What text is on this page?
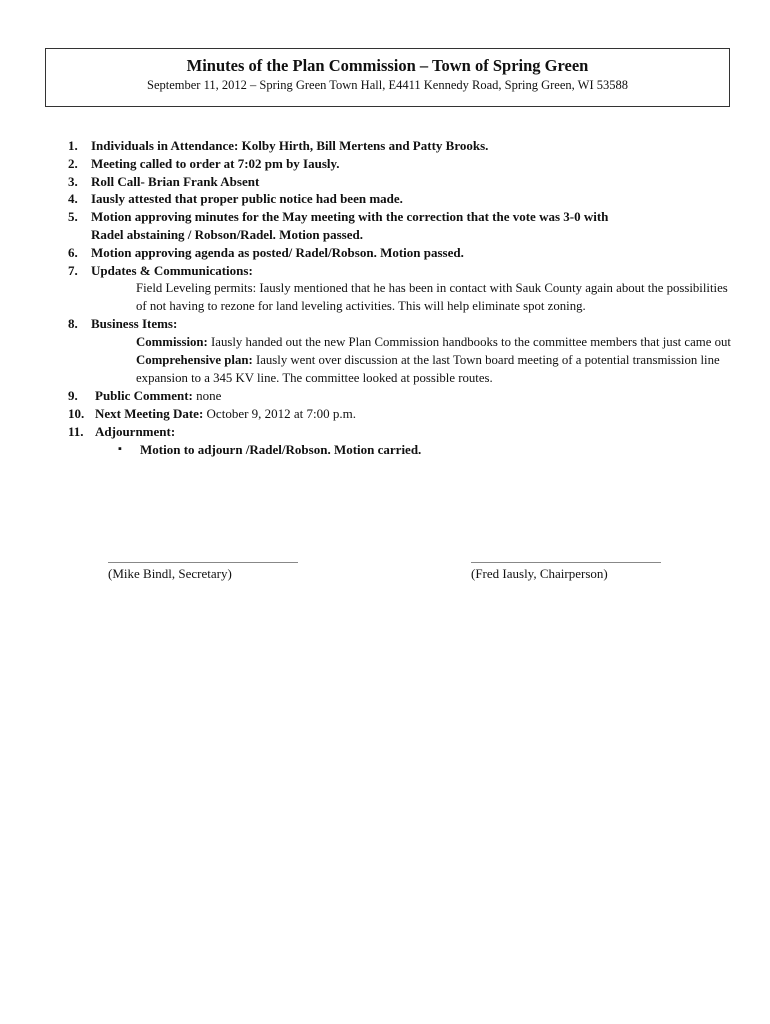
Minutes of the Plan Commission – Town of Spring Green
September 11, 2012 – Spring Green Town Hall, E4411 Kennedy Road, Spring Green, WI 53588
1. Individuals in Attendance: Kolby Hirth, Bill Mertens and Patty Brooks.
2. Meeting called to order at 7:02 pm by Iausly.
3. Roll Call- Brian Frank Absent
4. Iausly attested that proper public notice had been made.
5. Motion approving minutes for the May meeting with the correction that the vote was 3-0 with
Radel abstaining / Robson/Radel. Motion passed.
6. Motion approving agenda as posted/ Radel/Robson. Motion passed.
7. Updates & Communications:
Field Leveling permits: Iausly mentioned that he has been in contact with Sauk County again about the possibilities of not having to rezone for land leveling activities. This will help eliminate spot zoning.
8. Business Items:
Commission: Iausly handed out the new Plan Commission handbooks to the committee members that just came out
Comprehensive plan: Iausly went over discussion at the last Town board meeting of a potential transmission line expansion to a 345 KV line. The committee looked at possible routes.
9. Public Comment: none
10. Next Meeting Date: October 9, 2012 at 7:00 p.m.
11. Adjournment:
▪ Motion to adjourn /Radel/Robson. Motion carried.
(Mike Bindl, Secretary)	(Fred Iausly, Chairperson)
